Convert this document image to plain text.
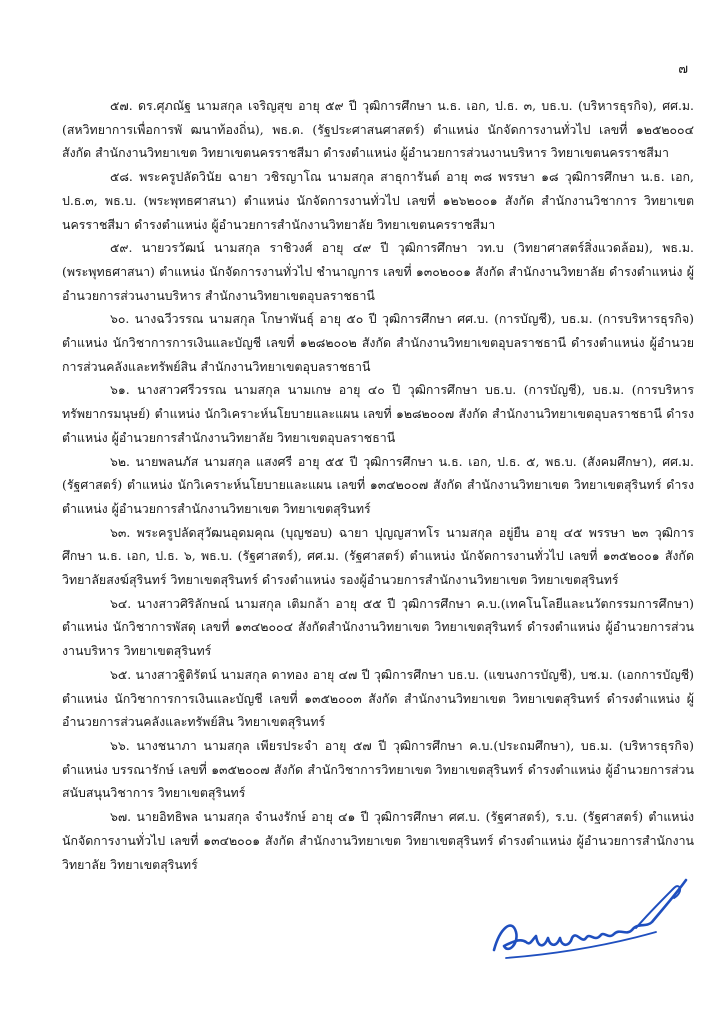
๗

๕๗. ดร.ศุภณัฐ นามสกุล เจริญสุข อายุ ๕๙ ปี วุฒิการศึกษา น.ธ. เอก, ป.ธ. ๓, บธ.บ. (บริหารธุรกิจ), ศศ.ม. (สหวิทยาการเพื่อการพั ฒนาท้องถิ่น), พธ.ด. (รัฐประศาสนศาสตร์) ตำแหน่ง นักจัดการงานทั่วไป เลขที่ ๑๒๕๒๐๐๔ สังกัด สำนักงานวิทยาเขต วิทยาเขตนครราชสีมา ดำรงตำแหน่ง ผู้อำนวยการส่วนงานบริหาร วิทยาเขตนครราชสีมา

๕๘. พระครูปลัดวินัย ฉายา วชิรญาโณ นามสกุล สาธุการันต์ อายุ ๓๘ พรรษา ๑๘ วุฒิการศึกษา น.ธ. เอก, ป.ธ.๓, พธ.บ. (พระพุทธศาสนา) ตำแหน่ง นักจัดการงานทั่วไป เลขที่ ๑๒๖๒๐๐๑ สังกัด สำนักงานวิชาการ วิทยาเขตนครราชสีมา ดำรงตำแหน่ง ผู้อำนวยการสำนักงานวิทยาลัย วิทยาเขตนครราชสีมา

๕๙. นายวรวัฒน์ นามสกุล ราชิวงศ์ อายุ ๔๙ ปี วุฒิการศึกษา วท.บ (วิทยาศาสตร์สิ่งแวดล้อม), พธ.ม. (พระพุทธศาสนา) ตำแหน่ง นักจัดการงานทั่วไป ชำนาญการ เลขที่ ๑๓๐๒๐๐๑ สังกัด สำนักงานวิทยาลัย ดำรงตำแหน่ง ผู้อำนวยการส่วนงานบริหาร สำนักงานวิทยาเขตอุบลราชธานี

๖๐. นางฉวีวรรณ นามสกุล โกษาพันธุ์ อายุ ๕๐ ปี วุฒิการศึกษา ศศ.บ. (การบัญชี), บธ.ม. (การบริหารธุรกิจ) ตำแหน่ง นักวิชาการการเงินและบัญชี เลขที่ ๑๒๘๒๐๐๒ สังกัด สำนักงานวิทยาเขตอุบลราชธานี ดำรงตำแหน่ง ผู้อำนวยการส่วนคลังและทรัพย์สิน สำนักงานวิทยาเขตอุบลราชธานี

๖๑. นางสาวศรีวรรณ นามสกุล นามเกษ อายุ ๔๐ ปี วุฒิการศึกษา บธ.บ. (การบัญชี), บธ.ม. (การบริหารทรัพยากรมนุษย์) ตำแหน่ง นักวิเคราะห์นโยบายและแผน เลขที่ ๑๒๘๒๐๐๗ สังกัด สำนักงานวิทยาเขตอุบลราชธานี ดำรงตำแหน่ง ผู้อำนวยการสำนักงานวิทยาลัย วิทยาเขตอุบลราชธานี

๖๒. นายพลนภัส นามสกุล แสงศรี อายุ ๕๕ ปี วุฒิการศึกษา น.ธ. เอก, ป.ธ. ๕, พธ.บ. (สังคมศึกษา), ศศ.ม.(รัฐศาสตร์) ตำแหน่ง นักวิเคราะห์นโยบายและแผน เลขที่ ๑๓๔๒๐๐๗ สังกัด สำนักงานวิทยาเขต วิทยาเขตสุรินทร์ ดำรงตำแหน่ง ผู้อำนวยการสำนักงานวิทยาเขต วิทยาเขตสุรินทร์

๖๓. พระครูปลัดสุวัฒนอุดมคุณ (บุญชอบ) ฉายา ปุญญสาทโร นามสกุล อยู่ยืน อายุ ๔๕ พรรษา ๒๓ วุฒิการศึกษา น.ธ. เอก, ป.ธ. ๖, พธ.บ. (รัฐศาสตร์), ศศ.ม. (รัฐศาสตร์) ตำแหน่ง นักจัดการงานทั่วไป เลขที่ ๑๓๕๒๐๐๑ สังกัด วิทยาลัยสงฆ์สุรินทร์ วิทยาเขตสุรินทร์ ดำรงตำแหน่ง รองผู้อำนวยการสำนักงานวิทยาเขต วิทยาเขตสุรินทร์

๖๔. นางสาวศิริลักษณ์ นามสกุล เติมกล้า อายุ ๕๕ ปี วุฒิการศึกษา ค.บ.(เทคโนโลยีและนวัตกรรมการศึกษา) ตำแหน่ง นักวิชาการพัสดุ เลขที่ ๑๓๔๒๐๐๔ สังกัดสำนักงานวิทยาเขต วิทยาเขตสุรินทร์ ดำรงตำแหน่ง ผู้อำนวยการส่วนงานบริหาร วิทยาเขตสุรินทร์

๖๕. นางสาวฐิติรัตน์ นามสกุล ดาทอง อายุ ๔๗ ปี วุฒิการศึกษา บธ.บ. (แขนงการบัญชี), บช.ม. (เอกการบัญชี) ตำแหน่ง นักวิชาการการเงินและบัญชี เลขที่ ๑๓๕๒๐๐๓ สังกัด สำนักงานวิทยาเขต วิทยาเขตสุรินทร์ ดำรงตำแหน่ง ผู้อำนวยการส่วนคลังและทรัพย์สิน วิทยาเขตสุรินทร์

๖๖. นางชนาภา นามสกุล เพียรประจำ อายุ ๕๗ ปี วุฒิการศึกษา ค.บ.(ประถมศึกษา), บธ.ม. (บริหารธุรกิจ) ตำแหน่ง บรรณารักษ์ เลขที่ ๑๓๕๒๐๐๗ สังกัด สำนักวิชาการวิทยาเขต วิทยาเขตสุรินทร์ ดำรงตำแหน่ง ผู้อำนวยการส่วนสนับสนุนวิชาการ วิทยาเขตสุรินทร์

๖๗. นายอิทธิพล นามสกุล จำนงรักษ์ อายุ ๔๑ ปี วุฒิการศึกษา ศศ.บ. (รัฐศาสตร์), ร.บ. (รัฐศาสตร์) ตำแหน่ง นักจัดการงานทั่วไป เลขที่ ๑๓๔๒๐๐๑ สังกัด สำนักงานวิทยาเขต วิทยาเขตสุรินทร์ ดำรงตำแหน่ง ผู้อำนวยการสำนักงานวิทยาลัย วิทยาเขตสุรินทร์
